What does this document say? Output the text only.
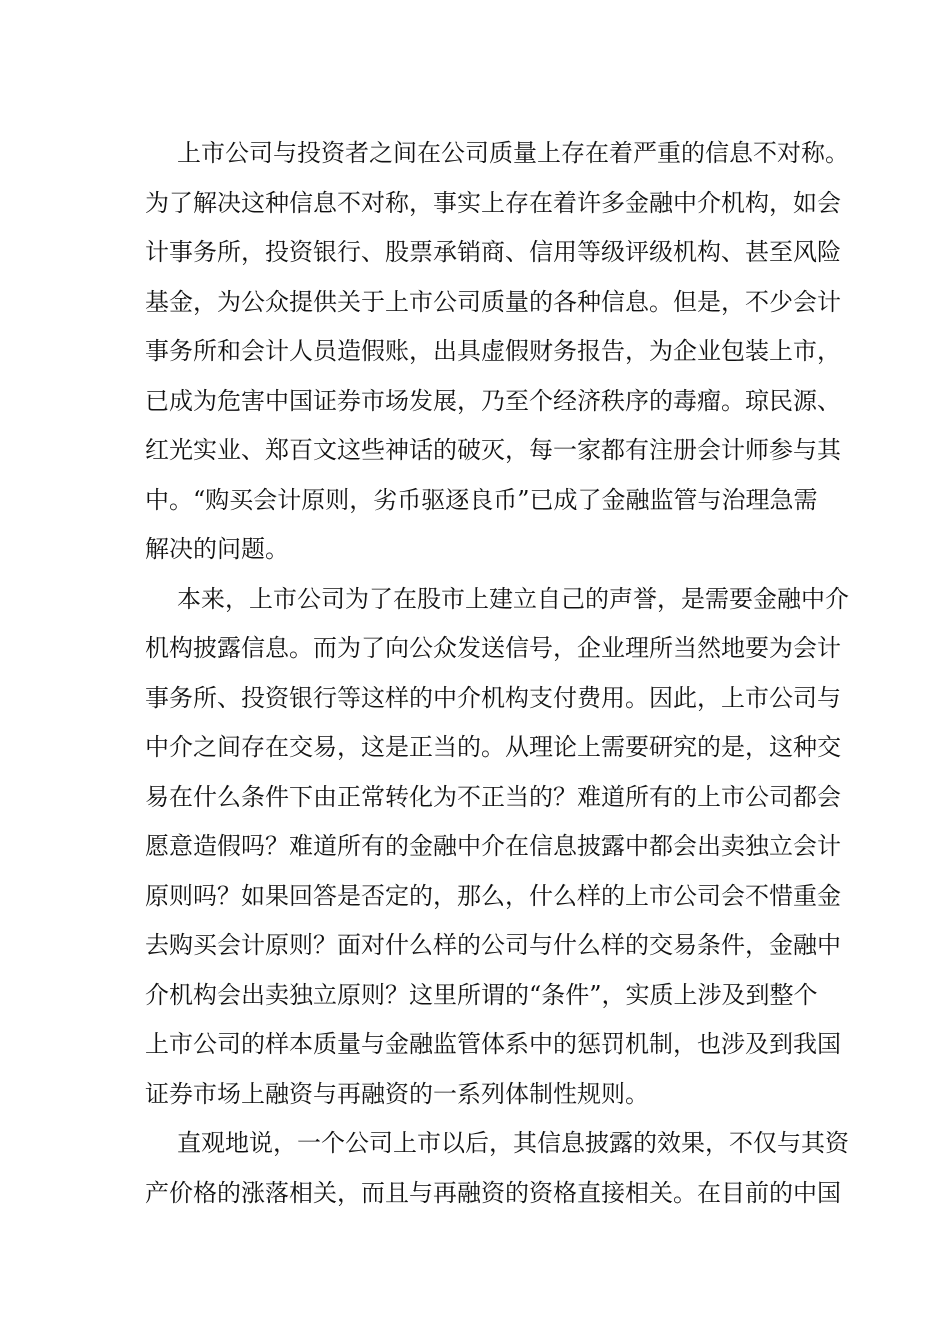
上市公司与投资者之间在公司质量上存在着严重的信息不对称。
为了解决这种信息不对称，事实上存在着许多金融中介机构，如会
计事务所，投资银行、股票承销商、信用等级评级机构、甚至风险
基金，为公众提供关于上市公司质量的各种信息。但是，不少会计
事务所和会计人员造假账，出具虚假财务报告，为企业包装上市，
已成为危害中国证券市场发展，乃至个经济秩序的毒瘤。琼民源、
红光实业、郑百文这些神话的破灭，每一家都有注册会计师参与其
中。“购买会计原则，劣币驱逐良币”已成了金融监管与治理急需
解决的问题。
本来，上市公司为了在股市上建立自己的声誉，是需要金融中介
机构披露信息。而为了向公众发送信号，企业理所当然地要为会计
事务所、投资银行等这样的中介机构支付费用。因此，上市公司与
中介之间存在交易，这是正当的。从理论上需要研究的是，这种交
易在什么条件下由正常转化为不正当的？难道所有的上市公司都会
愿意造假吗？难道所有的金融中介在信息披露中都会出卖独立会计
原则吗？如果回答是否定的，那么，什么样的上市公司会不惜重金
去购买会计原则？面对什么样的公司与什么样的交易条件，金融中
介机构会出卖独立原则？这里所谓的“条件”，实质上涉及到整个
上市公司的样本质量与金融监管体系中的惩罚机制，也涉及到我国
证券市场上融资与再融资的一系列体制性规则。
直观地说，一个公司上市以后，其信息披露的效果，不仅与其资
产价格的涨落相关，而且与再融资的资格直接相关。在目前的中国
